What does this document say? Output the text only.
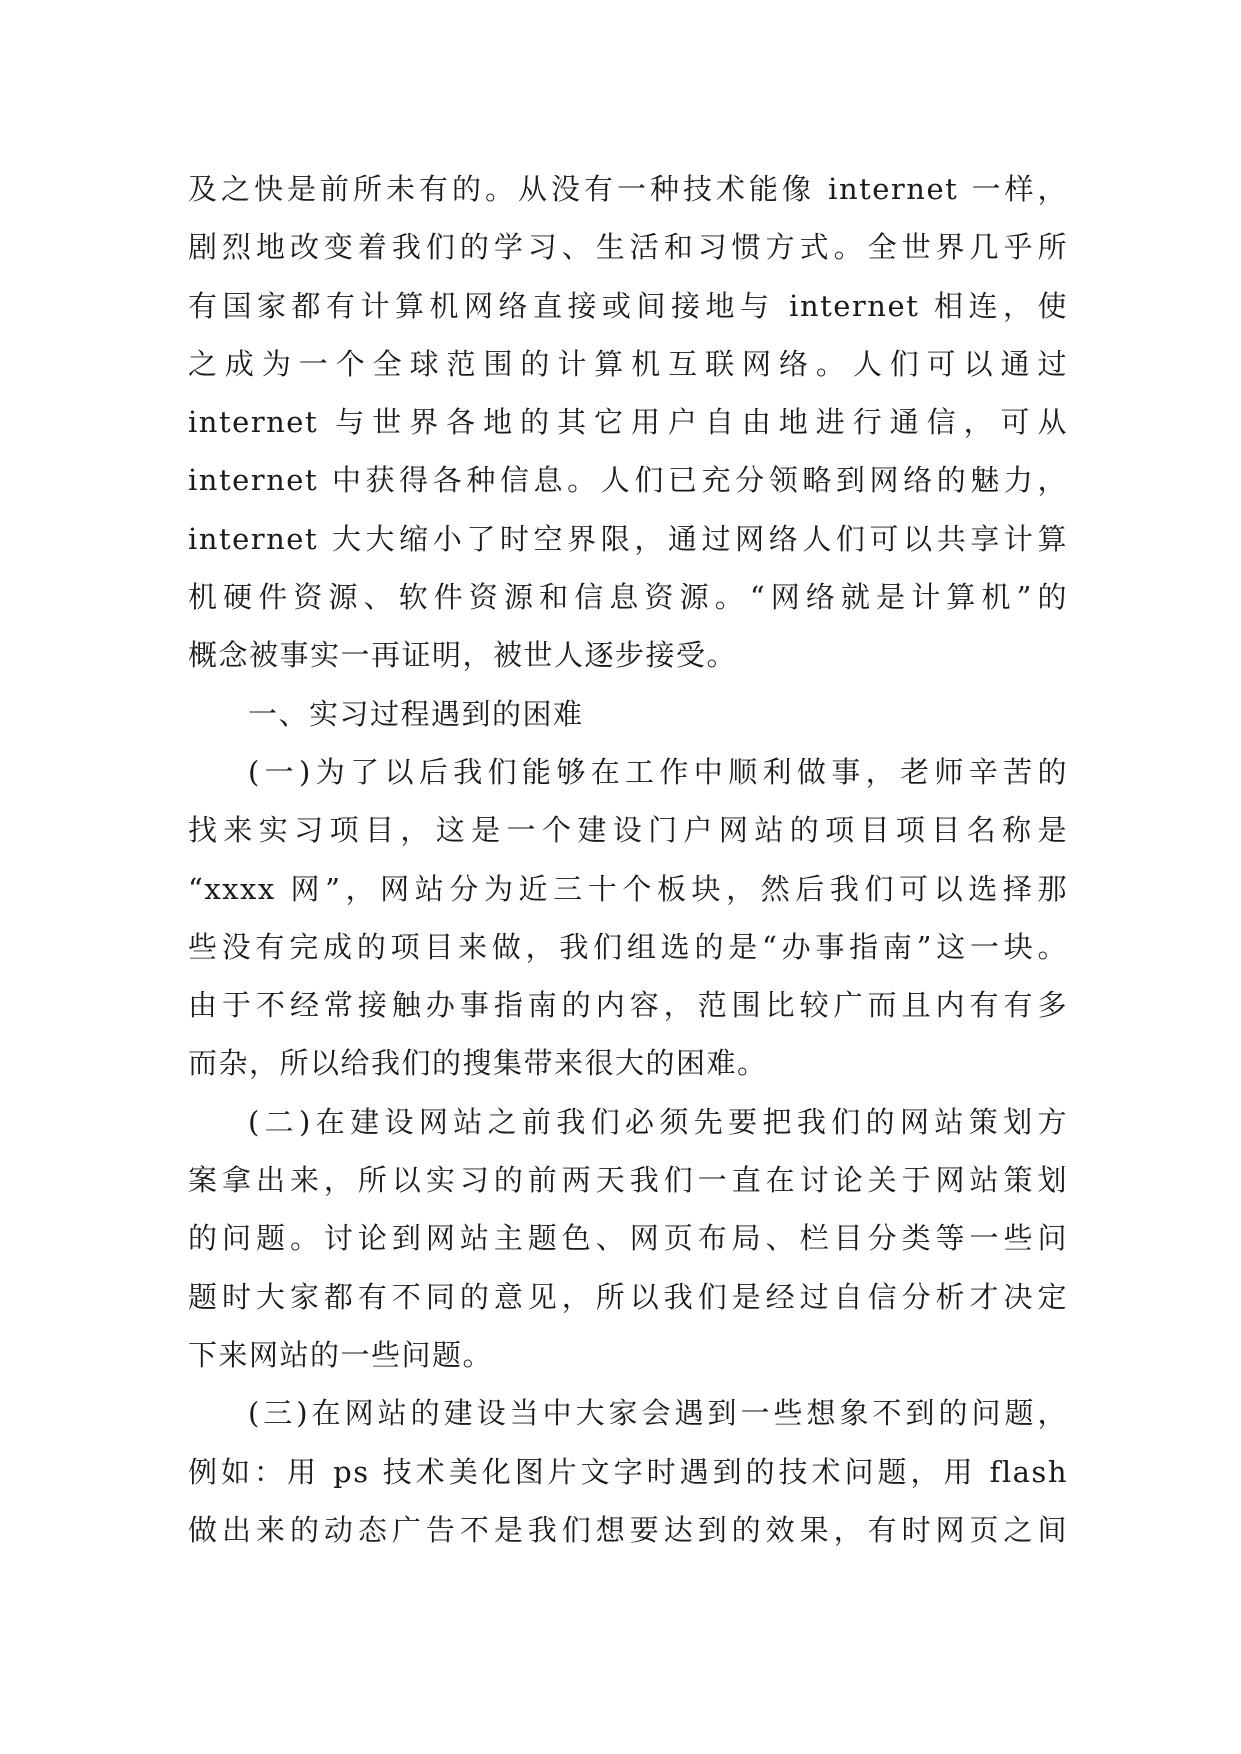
及之快是前所未有的。从没有一种技术能像 internet 一样，
剧烈地改变着我们的学习、生活和习惯方式。全世界几乎所
有国家都有计算机网络直接或间接地与 internet 相连，使
之成为一个全球范围的计算机互联网络。人们可以通过
internet 与世界各地的其它用户自由地进行通信，可从
internet 中获得各种信息。人们已充分领略到网络的魅力，
internet 大大缩小了时空界限，通过网络人们可以共享计算
机硬件资源、软件资源和信息资源。“网络就是计算机”的
概念被事实一再证明，被世人逐步接受。
一、实习过程遇到的困难
(一)为了以后我们能够在工作中顺利做事，老师辛苦的
找来实习项目，这是一个建设门户网站的项目项目名称是
“xxxx 网”，网站分为近三十个板块，然后我们可以选择那
些没有完成的项目来做，我们组选的是“办事指南”这一块。
由于不经常接触办事指南的内容，范围比较广而且内有有多
而杂，所以给我们的搜集带来很大的困难。
(二)在建设网站之前我们必须先要把我们的网站策划方
案拿出来，所以实习的前两天我们一直在讨论关于网站策划
的问题。讨论到网站主题色、网页布局、栏目分类等一些问
题时大家都有不同的意见，所以我们是经过自信分析才决定
下来网站的一些问题。
(三)在网站的建设当中大家会遇到一些想象不到的问题，
例如：用 ps 技术美化图片文字时遇到的技术问题，用 flash
做出来的动态广告不是我们想要达到的效果，有时网页之间
